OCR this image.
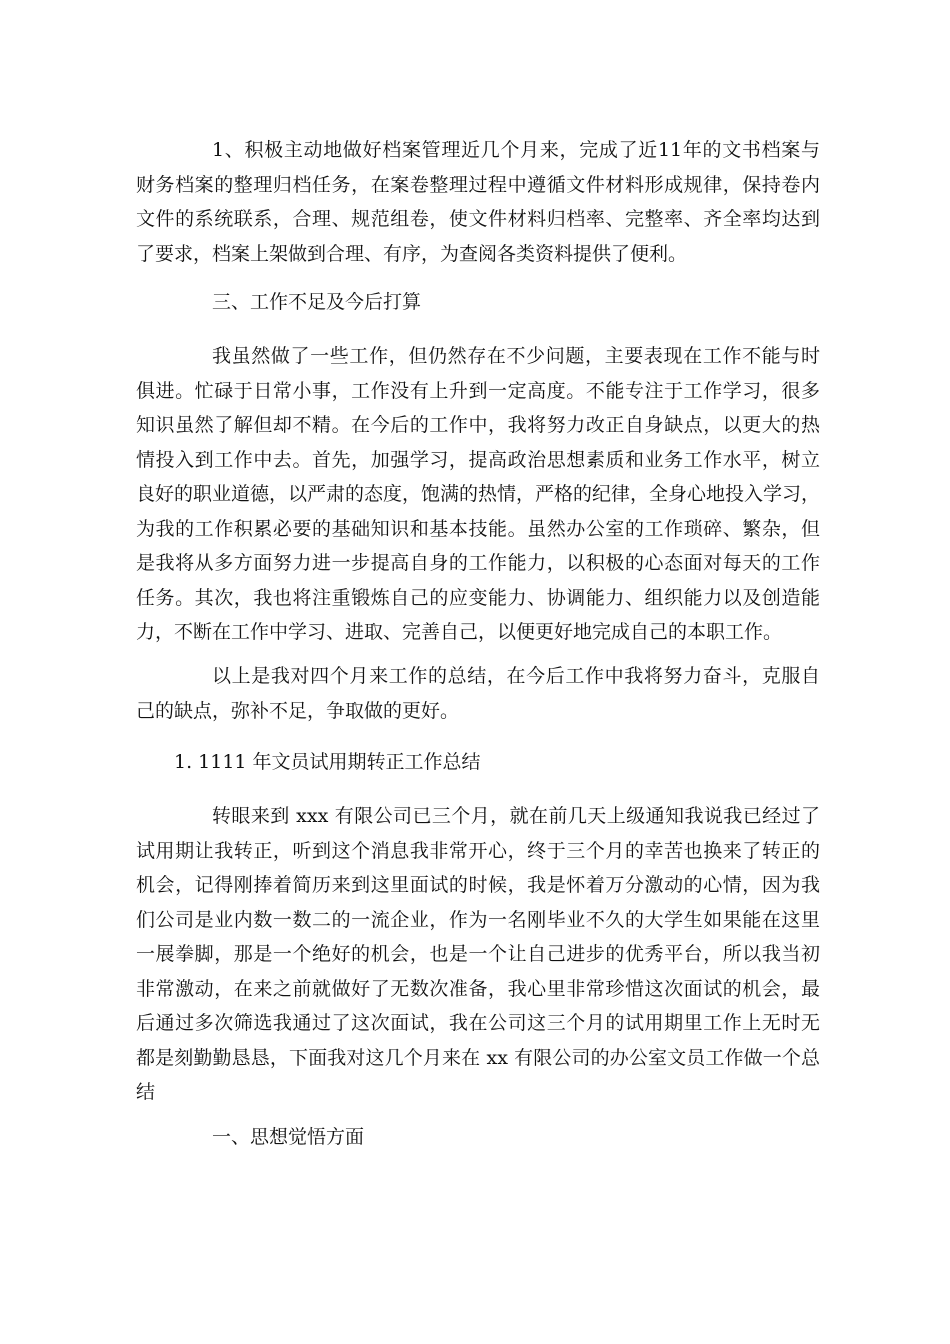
1、积极主动地做好档案管理近几个月来，完成了近11年的文书档案与
财务档案的整理归档任务，在案卷整理过程中遵循文件材料形成规律，保持卷内
文件的系统联系，合理、规范组卷，使文件材料归档率、完整率、齐全率均达到
了要求，档案上架做到合理、有序，为查阅各类资料提供了便利。
三、工作不足及今后打算
我虽然做了一些工作，但仍然存在不少问题，主要表现在工作不能与时
俱进。忙碌于日常小事，工作没有上升到一定高度。不能专注于工作学习，很多
知识虽然了解但却不精。在今后的工作中，我将努力改正自身缺点，以更大的热
情投入到工作中去。首先，加强学习，提高政治思想素质和业务工作水平，树立
良好的职业道德，以严肃的态度，饱满的热情，严格的纪律，全身心地投入学习，
为我的工作积累必要的基础知识和基本技能。虽然办公室的工作琐碎、繁杂，但
是我将从多方面努力进一步提高自身的工作能力，以积极的心态面对每天的工作
任务。其次，我也将注重锻炼自己的应变能力、协调能力、组织能力以及创造能
力，不断在工作中学习、进取、完善自己，以便更好地完成自己的本职工作。
以上是我对四个月来工作的总结，在今后工作中我将努力奋斗，克服自
己的缺点，弥补不足，争取做的更好。
1. 1111 年文员试用期转正工作总结
转眼来到 xxx 有限公司已三个月，就在前几天上级通知我说我已经过了
试用期让我转正，听到这个消息我非常开心，终于三个月的幸苦也换来了转正的
机会，记得刚捧着简历来到这里面试的时候，我是怀着万分激动的心情，因为我
们公司是业内数一数二的一流企业，作为一名刚毕业不久的大学生如果能在这里
一展拳脚，那是一个绝好的机会，也是一个让自己进步的优秀平台，所以我当初
非常激动，在来之前就做好了无数次准备，我心里非常珍惜这次面试的机会，最
后通过多次筛选我通过了这次面试，我在公司这三个月的试用期里工作上无时无
都是刻勤勤恳恳，下面我对这几个月来在 xx 有限公司的办公室文员工作做一个总
结
一、思想觉悟方面
